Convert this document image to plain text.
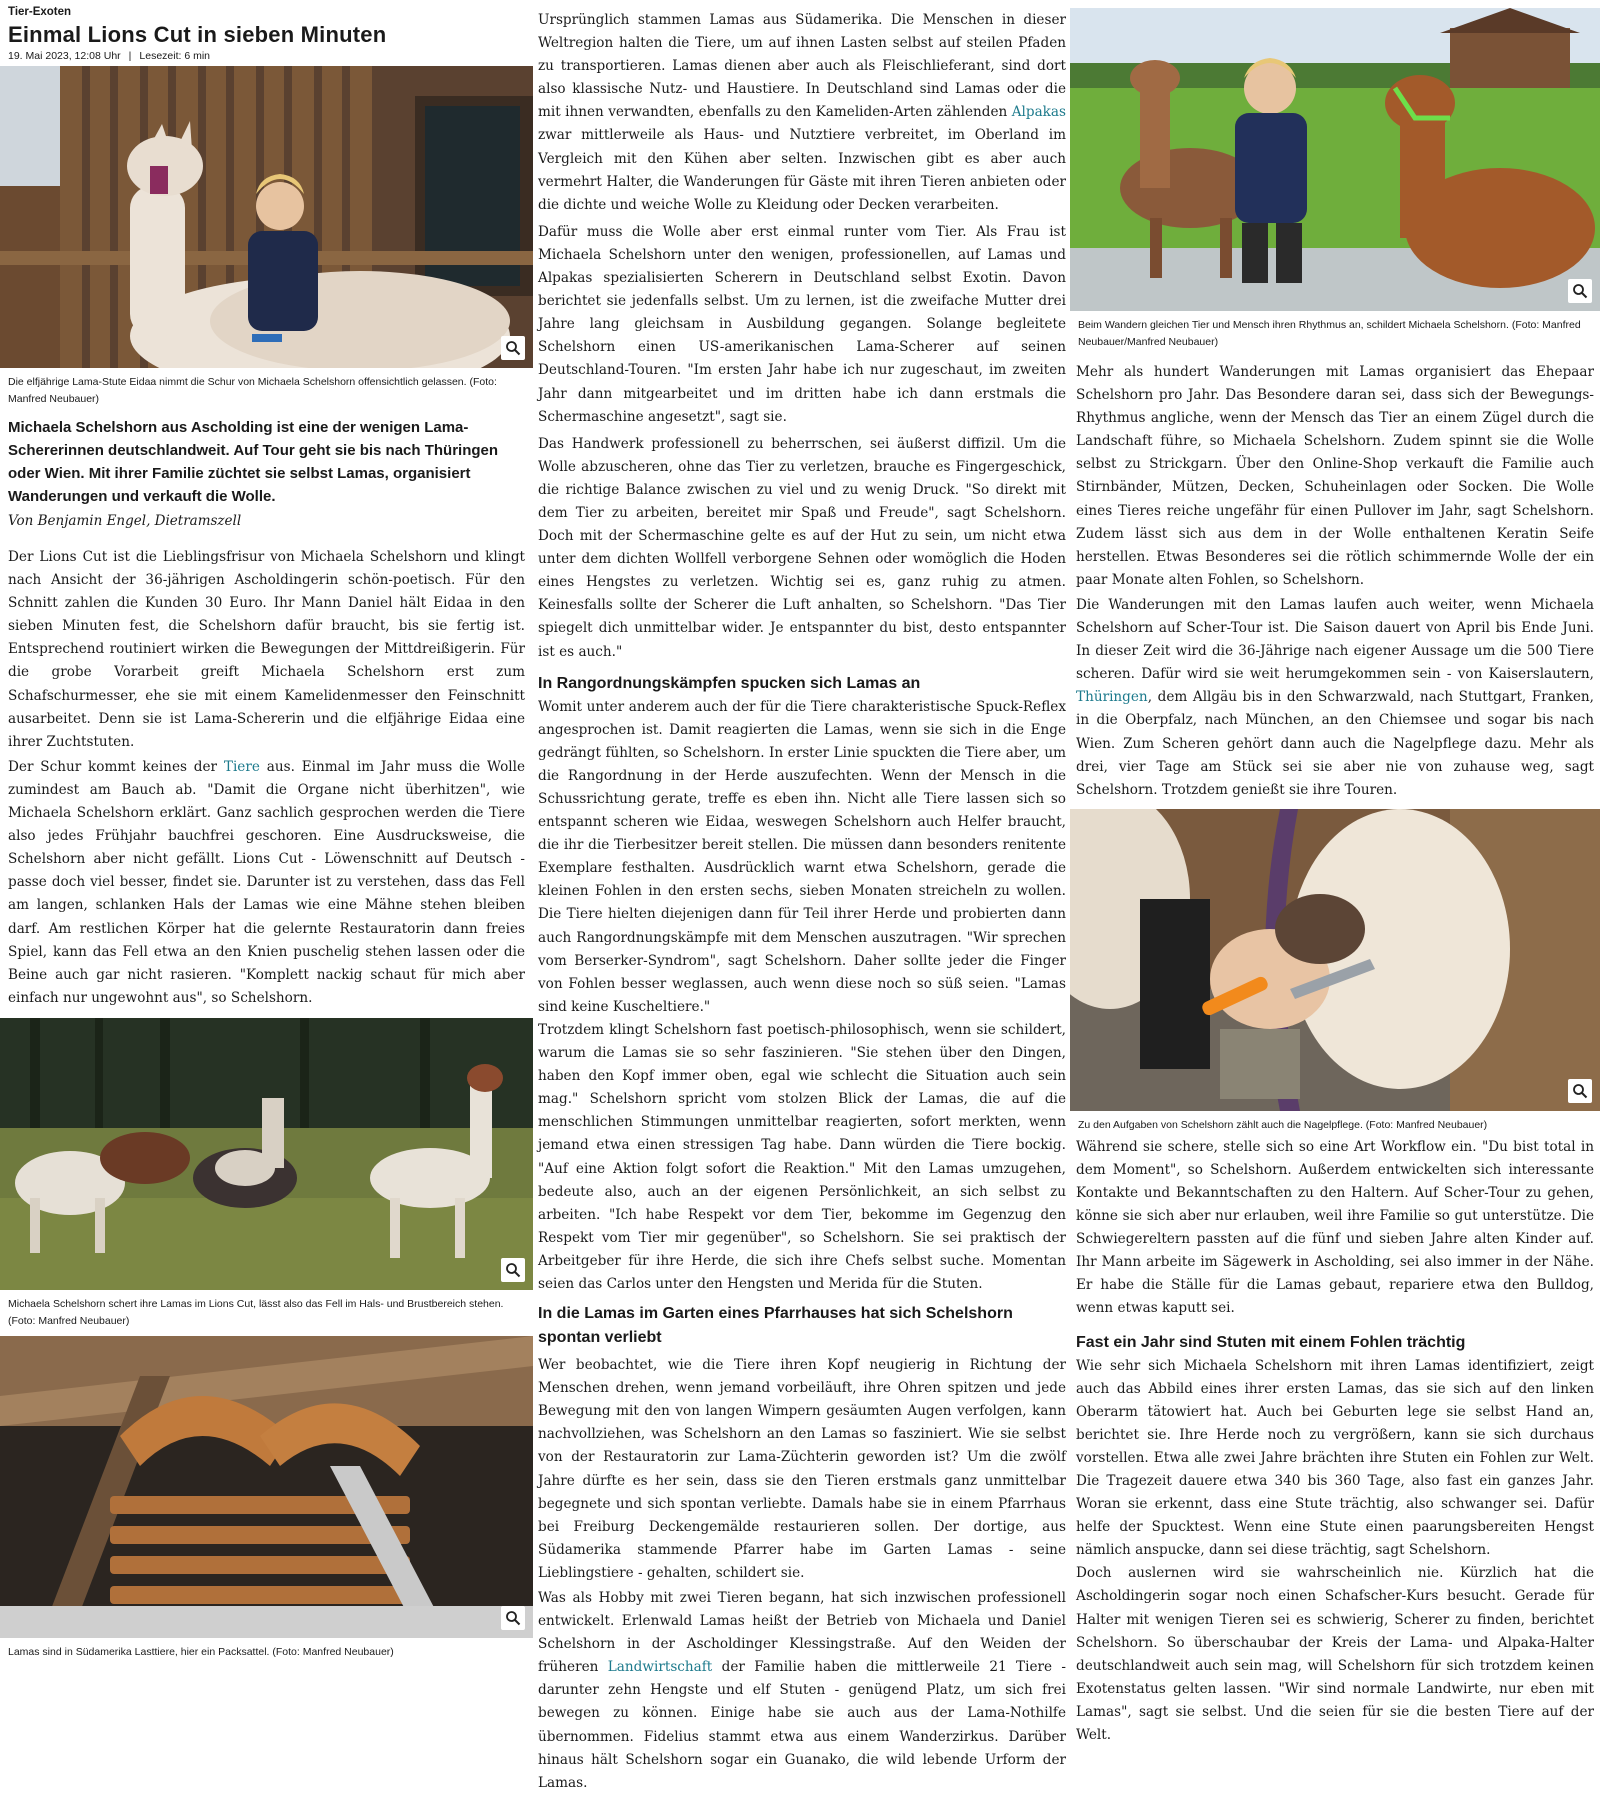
Tier-Exoten
Einmal Lions Cut in sieben Minuten
19. Mai 2023, 12:08 Uhr | Lesezeit: 6 min

Die elfjährige Lama-Stute Eidaa nimmt die Schur von Michaela Schelshorn offensichtlich gelassen. (Foto: Manfred Neubauer)

Michaela Schelshorn aus Ascholding ist eine der wenigen Lama-Schererinnen deutschlandweit. Auf Tour geht sie bis nach Thüringen oder Wien. Mit ihrer Familie züchtet sie selbst Lamas, organisiert Wanderungen und verkauft die Wolle.

Von Benjamin Engel, Dietramszell

Der Lions Cut ist die Lieblingsfrisur von Michaela Schelshorn und klingt nach Ansicht der 36-jährigen Ascholdingerin schön-poetisch. Für den Schnitt zahlen die Kunden 30 Euro. Ihr Mann Daniel hält Eidaa in den sieben Minuten fest, die Schelshorn dafür braucht, bis sie fertig ist. Entsprechend routiniert wirken die Bewegungen der Mittdreißigerin. Für die grobe Vorarbeit greift Michaela Schelshorn erst zum Schafschurmesser, ehe sie mit einem Kamelidenmesser den Feinschnitt ausarbeitet. Denn sie ist Lama-Schererin und die elfjährige Eidaa eine ihrer Zuchtstuten.

Der Schur kommt keines der Tiere aus. Einmal im Jahr muss die Wolle zumindest am Bauch ab. "Damit die Organe nicht überhitzen", wie Michaela Schelshorn erklärt. Ganz sachlich gesprochen werden die Tiere also jedes Frühjahr bauchfrei geschoren. Eine Ausdrucksweise, die Schelshorn aber nicht gefällt. Lions Cut - Löwenschnitt auf Deutsch - passe doch viel besser, findet sie. Darunter ist zu verstehen, dass das Fell am langen, schlanken Hals der Lamas wie eine Mähne stehen bleiben darf. Am restlichen Körper hat die gelernte Restauratorin dann freies Spiel, kann das Fell etwa an den Knien puschelig stehen lassen oder die Beine auch gar nicht rasieren. "Komplett nackig schaut für mich aber einfach nur ungewohnt aus", so Schelshorn.

Michaela Schelshorn schert ihre Lamas im Lions Cut, lässt also das Fell im Hals- und Brustbereich stehen. (Foto: Manfred Neubauer)

Lamas sind in Südamerika Lasttiere, hier ein Packsattel. (Foto: Manfred Neubauer)

Ursprünglich stammen Lamas aus Südamerika. Die Menschen in dieser Weltregion halten die Tiere, um auf ihnen Lasten selbst auf steilen Pfaden zu transportieren. Lamas dienen aber auch als Fleischlieferant, sind dort also klassische Nutz- und Haustiere. In Deutschland sind Lamas oder die mit ihnen verwandten, ebenfalls zu den Kameliden-Arten zählenden Alpakas zwar mittlerweile als Haus- und Nutztiere verbreitet, im Oberland im Vergleich mit den Kühen aber selten. Inzwischen gibt es aber auch vermehrt Halter, die Wanderungen für Gäste mit ihren Tieren anbieten oder die dichte und weiche Wolle zu Kleidung oder Decken verarbeiten.

Dafür muss die Wolle aber erst einmal runter vom Tier. Als Frau ist Michaela Schelshorn unter den wenigen, professionellen, auf Lamas und Alpakas spezialisierten Scherern in Deutschland selbst Exotin. Davon berichtet sie jedenfalls selbst. Um zu lernen, ist die zweifache Mutter drei Jahre lang gleichsam in Ausbildung gegangen. Solange begleitete Schelshorn einen US-amerikanischen Lama-Scherer auf seinen Deutschland-Touren. "Im ersten Jahr habe ich nur zugeschaut, im zweiten Jahr dann mitgearbeitet und im dritten habe ich dann erstmals die Schermaschine angesetzt", sagt sie.

Das Handwerk professionell zu beherrschen, sei äußerst diffizil. Um die Wolle abzuscheren, ohne das Tier zu verletzen, brauche es Fingergeschick, die richtige Balance zwischen zu viel und zu wenig Druck. "So direkt mit dem Tier zu arbeiten, bereitet mir Spaß und Freude", sagt Schelshorn. Doch mit der Schermaschine gelte es auf der Hut zu sein, um nicht etwa unter dem dichten Wollfell verborgene Sehnen oder womöglich die Hoden eines Hengstes zu verletzen. Wichtig sei es, ganz ruhig zu atmen. Keinesfalls sollte der Scherer die Luft anhalten, so Schelshorn. "Das Tier spiegelt dich unmittelbar wider. Je entspannter du bist, desto entspannter ist es auch."

In Rangordnungskämpfen spucken sich Lamas an

Womit unter anderem auch der für die Tiere charakteristische Spuck-Reflex angesprochen ist. Damit reagierten die Lamas, wenn sie sich in die Enge gedrängt fühlten, so Schelshorn. In erster Linie spuckten die Tiere aber, um die Rangordnung in der Herde auszufechten. Wenn der Mensch in die Schussrichtung gerate, treffe es eben ihn. Nicht alle Tiere lassen sich so entspannt scheren wie Eidaa, weswegen Schelshorn auch Helfer braucht, die ihr die Tierbesitzer bereit stellen. Die müssen dann besonders renitente Exemplare festhalten. Ausdrücklich warnt etwa Schelshorn, gerade die kleinen Fohlen in den ersten sechs, sieben Monaten streicheln zu wollen. Die Tiere hielten diejenigen dann für Teil ihrer Herde und probierten dann auch Rangordnungskämpfe mit dem Menschen auszutragen. "Wir sprechen vom Berserker-Syndrom", sagt Schelshorn. Daher sollte jeder die Finger von Fohlen besser weglassen, auch wenn diese noch so süß seien. "Lamas sind keine Kuscheltiere."

Trotzdem klingt Schelshorn fast poetisch-philosophisch, wenn sie schildert, warum die Lamas sie so sehr faszinieren. "Sie stehen über den Dingen, haben den Kopf immer oben, egal wie schlecht die Situation auch sein mag." Schelshorn spricht vom stolzen Blick der Lamas, die auf die menschlichen Stimmungen unmittelbar reagierten, sofort merkten, wenn jemand etwa einen stressigen Tag habe. Dann würden die Tiere bockig. "Auf eine Aktion folgt sofort die Reaktion." Mit den Lamas umzugehen, bedeute also, auch an der eigenen Persönlichkeit, an sich selbst zu arbeiten. "Ich habe Respekt vor dem Tier, bekomme im Gegenzug den Respekt vom Tier mir gegenüber", so Schelshorn. Sie sei praktisch der Arbeitgeber für ihre Herde, die sich ihre Chefs selbst suche. Momentan seien das Carlos unter den Hengsten und Merida für die Stuten.

In die Lamas im Garten eines Pfarrhauses hat sich Schelshorn spontan verliebt

Wer beobachtet, wie die Tiere ihren Kopf neugierig in Richtung der Menschen drehen, wenn jemand vorbeiläuft, ihre Ohren spitzen und jede Bewegung mit den von langen Wimpern gesäumten Augen verfolgen, kann nachvollziehen, was Schelshorn an den Lamas so fasziniert. Wie sie selbst von der Restauratorin zur Lama-Züchterin geworden ist? Um die zwölf Jahre dürfte es her sein, dass sie den Tieren erstmals ganz unmittelbar begegnete und sich spontan verliebte. Damals habe sie in einem Pfarrhaus bei Freiburg Deckengemälde restaurieren sollen. Der dortige, aus Südamerika stammende Pfarrer habe im Garten Lamas - seine Lieblingstiere - gehalten, schildert sie.

Was als Hobby mit zwei Tieren begann, hat sich inzwischen professionell entwickelt. Erlenwald Lamas heißt der Betrieb von Michaela und Daniel Schelshorn in der Ascholdinger Klessingstraße. Auf den Weiden der früheren Landwirtschaft der Familie haben die mittlerweile 21 Tiere - darunter zehn Hengste und elf Stuten - genügend Platz, um sich frei bewegen zu können. Einige habe sie auch aus der Lama-Nothilfe übernommen. Fidelius stammt etwa aus einem Wanderzirkus. Darüber hinaus hält Schelshorn sogar ein Guanako, die wild lebende Urform der Lamas.

Beim Wandern gleichen Tier und Mensch ihren Rhythmus an, schildert Michaela Schelshorn. (Foto: Manfred Neubauer/Manfred Neubauer)

Mehr als hundert Wanderungen mit Lamas organisiert das Ehepaar Schelshorn pro Jahr. Das Besondere daran sei, dass sich der Bewegungs-Rhythmus angliche, wenn der Mensch das Tier an einem Zügel durch die Landschaft führe, so Michaela Schelshorn. Zudem spinnt sie die Wolle selbst zu Strickgarn. Über den Online-Shop verkauft die Familie auch Stirnbänder, Mützen, Decken, Schuheinlagen oder Socken. Die Wolle eines Tieres reiche ungefähr für einen Pullover im Jahr, sagt Schelshorn. Zudem lässt sich aus dem in der Wolle enthaltenen Keratin Seife herstellen. Etwas Besonderes sei die rötlich schimmernde Wolle der ein paar Monate alten Fohlen, so Schelshorn.

Die Wanderungen mit den Lamas laufen auch weiter, wenn Michaela Schelshorn auf Scher-Tour ist. Die Saison dauert von April bis Ende Juni. In dieser Zeit wird die 36-Jährige nach eigener Aussage um die 500 Tiere scheren. Dafür wird sie weit herumgekommen sein - von Kaiserslautern, Thüringen, dem Allgäu bis in den Schwarzwald, nach Stuttgart, Franken, in die Oberpfalz, nach München, an den Chiemsee und sogar bis nach Wien. Zum Scheren gehört dann auch die Nagelpflege dazu. Mehr als drei, vier Tage am Stück sei sie aber nie von zuhause weg, sagt Schelshorn. Trotzdem genießt sie ihre Touren.

Zu den Aufgaben von Schelshorn zählt auch die Nagelpflege. (Foto: Manfred Neubauer)

Während sie schere, stelle sich so eine Art Workflow ein. "Du bist total in dem Moment", so Schelshorn. Außerdem entwickelten sich interessante Kontakte und Bekanntschaften zu den Haltern. Auf Scher-Tour zu gehen, könne sie sich aber nur erlauben, weil ihre Familie so gut unterstütze. Die Schwiegereltern passten auf die fünf und sieben Jahre alten Kinder auf. Ihr Mann arbeite im Sägewerk in Ascholding, sei also immer in der Nähe. Er habe die Ställe für die Lamas gebaut, repariere etwa den Bulldog, wenn etwas kaputt sei.

Fast ein Jahr sind Stuten mit einem Fohlen trächtig

Wie sehr sich Michaela Schelshorn mit ihren Lamas identifiziert, zeigt auch das Abbild eines ihrer ersten Lamas, das sie sich auf den linken Oberarm tätowiert hat. Auch bei Geburten lege sie selbst Hand an, berichtet sie. Ihre Herde noch zu vergrößern, kann sie sich durchaus vorstellen. Etwa alle zwei Jahre brächten ihre Stuten ein Fohlen zur Welt. Die Tragezeit dauere etwa 340 bis 360 Tage, also fast ein ganzes Jahr. Woran sie erkennt, dass eine Stute trächtig, also schwanger sei. Dafür helfe der Spucktest. Wenn eine Stute einen paarungsbereiten Hengst nämlich anspucke, dann sei diese trächtig, sagt Schelshorn.

Doch auslernen wird sie wahrscheinlich nie. Kürzlich hat die Ascholdingerin sogar noch einen Schafscher-Kurs besucht. Gerade für Halter mit wenigen Tieren sei es schwierig, Scherer zu finden, berichtet Schelshorn. So überschaubar der Kreis der Lama- und Alpaka-Halter deutschlandweit auch sein mag, will Schelshorn für sich trotzdem keinen Exotenstatus gelten lassen. "Wir sind normale Landwirte, nur eben mit Lamas", sagt sie selbst. Und die seien für sie die besten Tiere auf der Welt.
